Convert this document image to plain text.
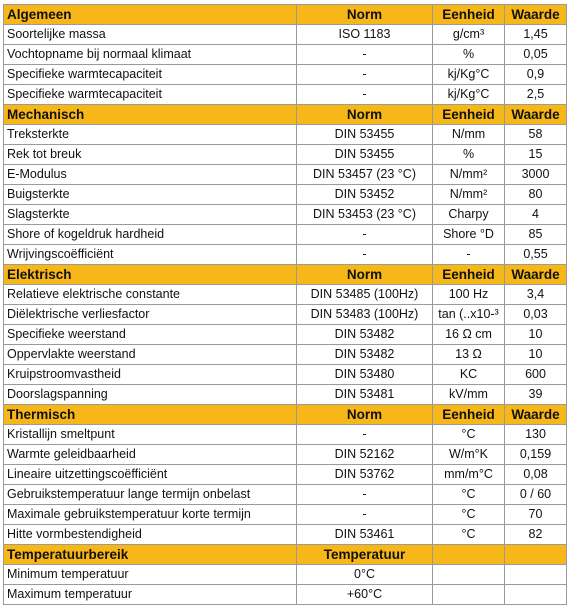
Algemeen	Norm	Eenheid	Waarde
Soortelijke massa	ISO 1183	g/cm³	1,45
Vochtopname bij normaal klimaat	-	%	0,05
Specifieke warmtecapaciteit	-	kj/Kg°C	0,9
Specifieke warmtecapaciteit	-	kj/Kg°C	2,5
Mechanisch	Norm	Eenheid	Waarde
Treksterkte	DIN 53455	N/mm	58
Rek tot breuk	DIN 53455	%	15
E-Modulus	DIN 53457 (23 °C)	N/mm²	3000
Buigsterkte	DIN 53452	N/mm²	80
Slagsterkte	DIN 53453 (23 °C)	Charpy	4
Shore of kogeldruk hardheid	-	Shore °D	85
Wrijvingscoëfficiënt	-	-	0,55
Elektrisch	Norm	Eenheid	Waarde
Relatieve elektrische constante	DIN 53485 (100Hz)	100 Hz	3,4
Diëlektrische verliesfactor	DIN 53483 (100Hz)	tan (..x10-³	0,03
Specifieke weerstand	DIN 53482	16 Ω cm	10
Oppervlakte weerstand	DIN 53482	13 Ω	10
Kruipstroomvastheid	DIN 53480	KC	600
Doorslagspanning	DIN 53481	kV/mm	39
Thermisch	Norm	Eenheid	Waarde
Kristallijn smeltpunt	-	°C	130
Warmte geleidbaarheid	DIN 52162	W/m°K	0,159
Lineaire uitzettingscoëfficiënt	DIN 53762	mm/m°C	0,08
Gebruikstemperatuur lange termijn onbelast	-	°C	0 / 60
Maximale gebruikstemperatuur korte termijn	-	°C	70
Hitte vormbestendigheid	DIN 53461	°C	82
Temperatuurbereik	Temperatuur		
Minimum temperatuur	0°C		
Maximum temperatuur	+60°C		
